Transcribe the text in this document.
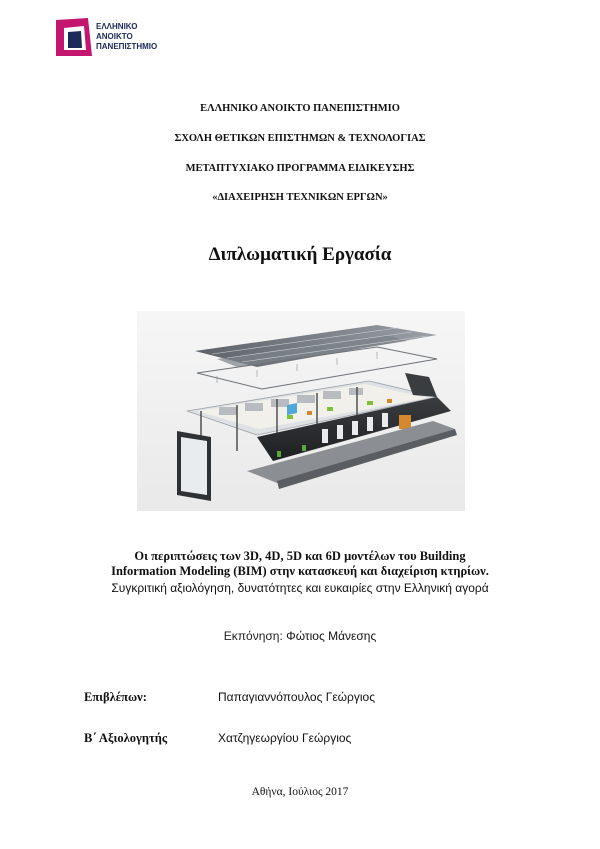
ΕΛΛΗΝΙΚΟ
ΑΝΟΙΚΤΟ
ΠΑΝΕΠΙΣΤΗΜΙΟ
ΕΛΛΗΝΙΚΟ ΑΝΟΙΚΤΟ ΠΑΝΕΠΙΣΤΗΜΙΟ
ΣΧΟΛΗ ΘΕΤΙΚΩΝ ΕΠΙΣΤΗΜΩΝ & ΤΕΧΝΟΛΟΓΙΑΣ
ΜΕΤΑΠΤΥΧΙΑΚΟ ΠΡΟΓΡΑΜΜΑ ΕΙΔΙΚΕΥΣΗΣ
«ΔΙΑΧΕΙΡΗΣΗ ΤΕΧΝΙΚΩΝ ΕΡΓΩΝ»
Διπλωματική Εργασία
Οι περιπτώσεις των 3D, 4D, 5D και 6D μοντέλων του Building
Information Modeling (BIM) στην κατασκευή και διαχείριση κτηρίων.
Συγκριτική αξιολόγηση, δυνατότητες και ευκαιρίες στην Ελληνική αγορά
Εκπόνηση: Φώτιος Μάνεσης
Επιβλέπων:	Παπαγιαννόπουλος Γεώργιος
Β΄ Αξιολογητής	Χατζηγεωργίου Γεώργιος
Αθήνα, Ιούλιος 2017
